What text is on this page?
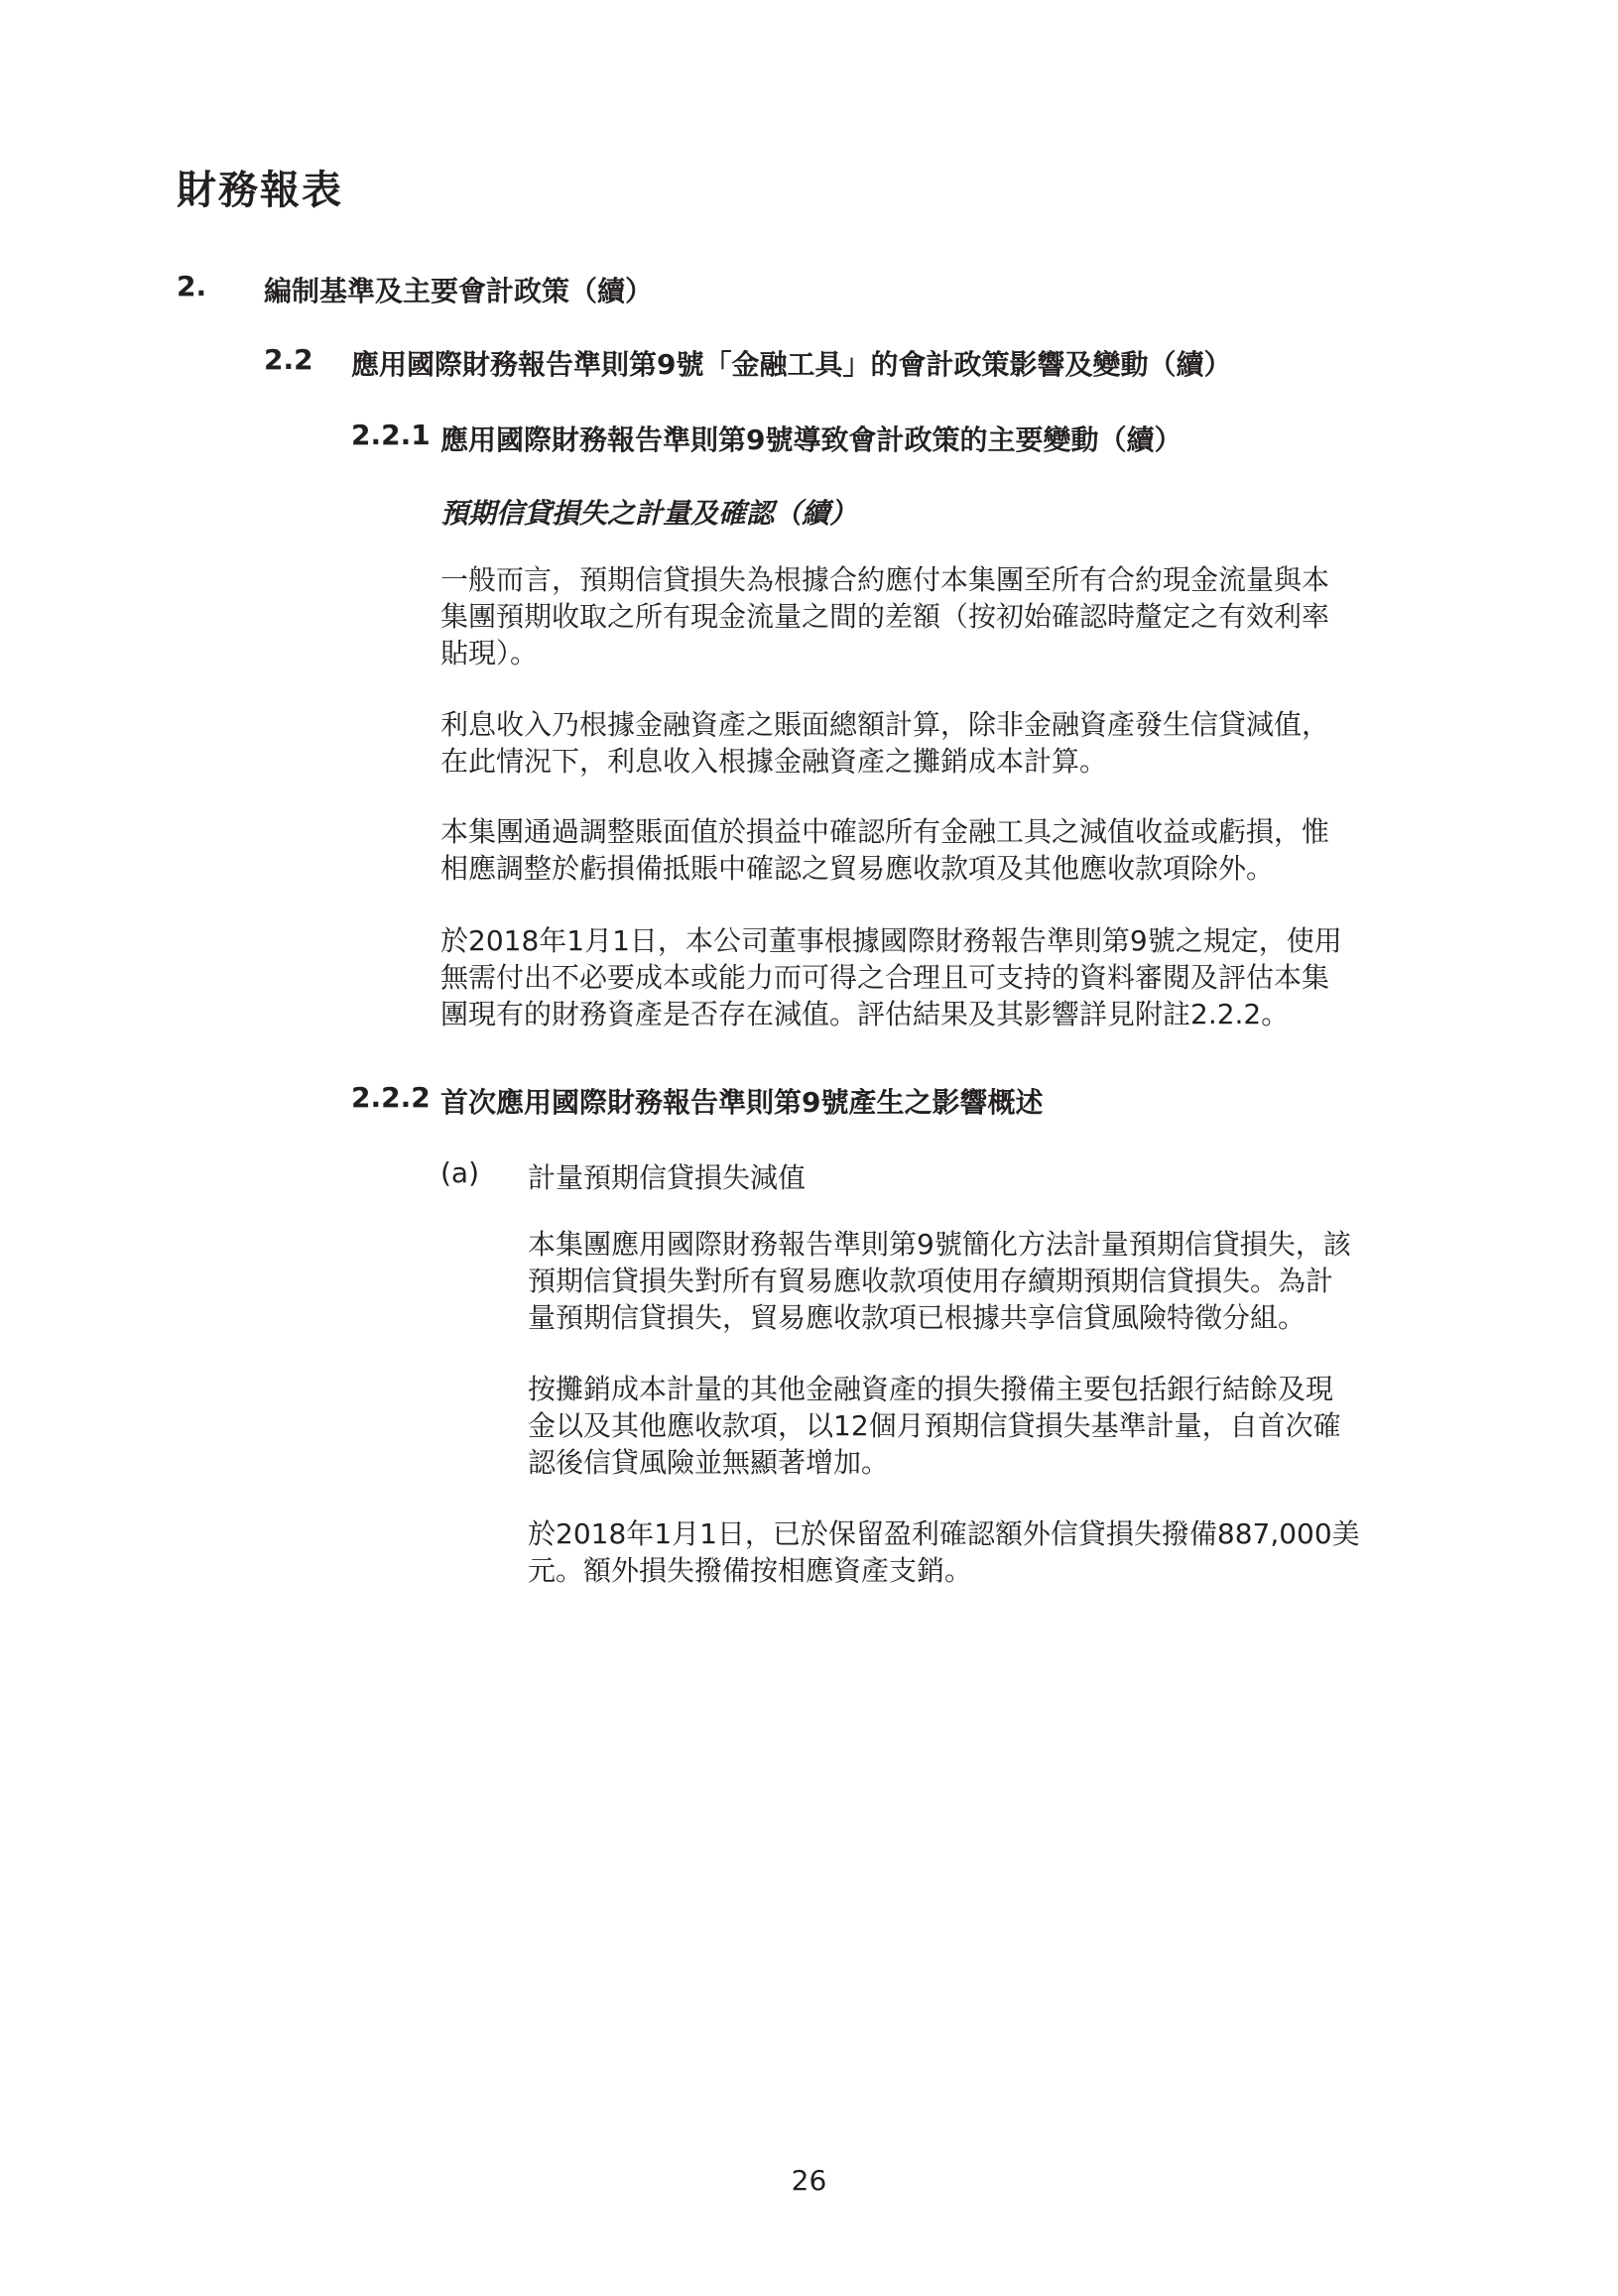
財務報表
2. 編制基準及主要會計政策（續）
2.2 應用國際財務報告準則第9號「金融工具」的會計政策影響及變動（續）
2.2.1 應用國際財務報告準則第9號導致會計政策的主要變動（續）

預期信貸損失之計量及確認（續）

一般而言，預期信貸損失為根據合約應付本集團至所有合約現金流量與本
集團預期收取之所有現金流量之間的差額（按初始確認時釐定之有效利率
貼現）。

利息收入乃根據金融資產之賬面總額計算，除非金融資產發生信貸減值，
在此情況下，利息收入根據金融資產之攤銷成本計算。

本集團通過調整賬面值於損益中確認所有金融工具之減值收益或虧損，惟
相應調整於虧損備抵賬中確認之貿易應收款項及其他應收款項除外。

於2018年1月1日，本公司董事根據國際財務報告準則第9號之規定，使用
無需付出不必要成本或能力而可得之合理且可支持的資料審閱及評估本集
團現有的財務資產是否存在減值。評估結果及其影響詳見附註2.2.2。

2.2.2 首次應用國際財務報告準則第9號產生之影響概述
(a) 計量預期信貸損失減值

本集團應用國際財務報告準則第9號簡化方法計量預期信貸損失，該
預期信貸損失對所有貿易應收款項使用存續期預期信貸損失。為計
量預期信貸損失，貿易應收款項已根據共享信貸風險特徵分組。

按攤銷成本計量的其他金融資產的損失撥備主要包括銀行結餘及現
金以及其他應收款項，以12個月預期信貸損失基準計量，自首次確
認後信貸風險並無顯著增加。

於2018年1月1日，已於保留盈利確認額外信貸損失撥備887,000美
元。額外損失撥備按相應資產支銷。

26
